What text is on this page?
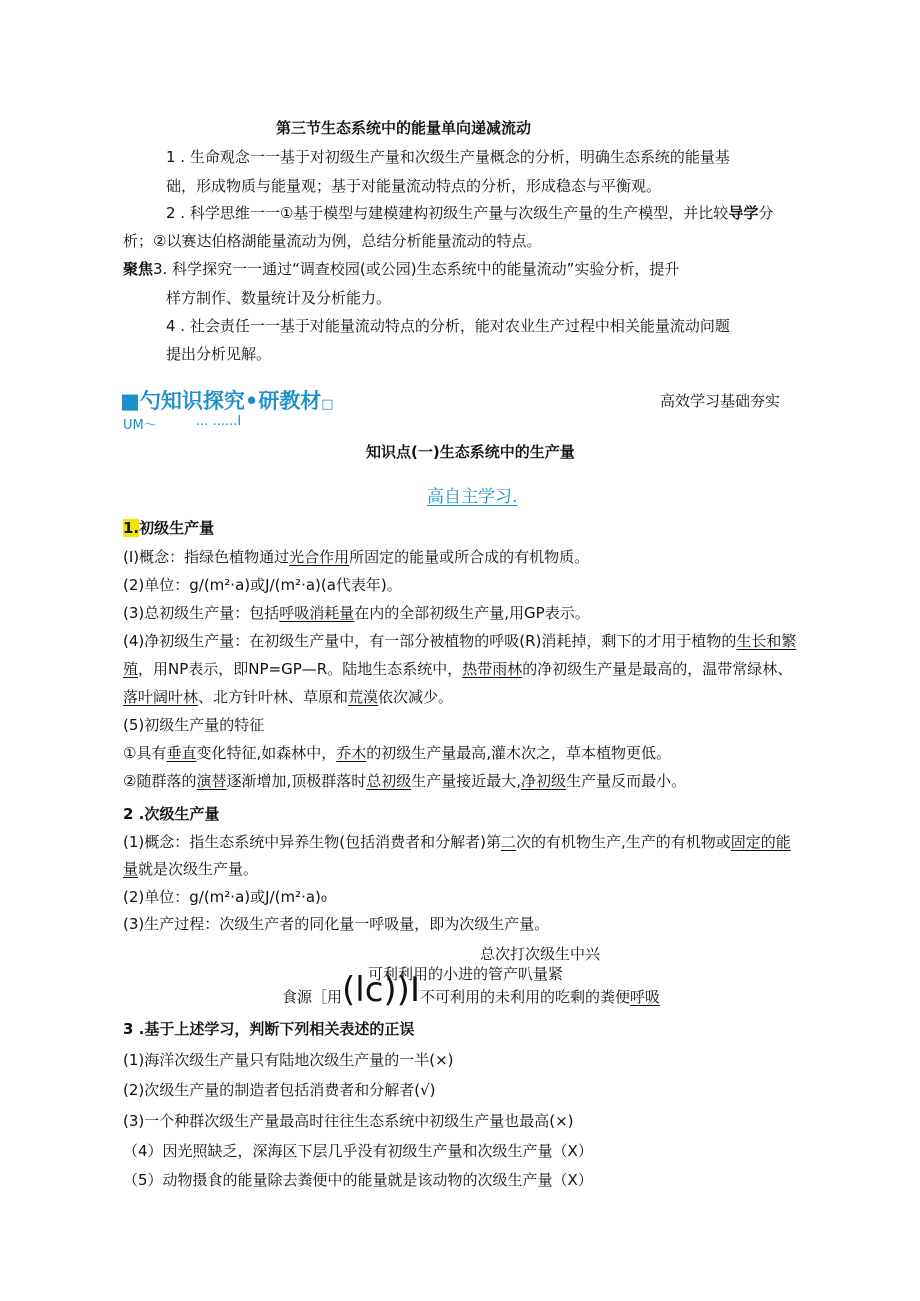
第三节生态系统中的能量单向递减流动
1 . 生命观念一一基于对初级生产量和次级生产量概念的分析，明确生态系统的能量基
础，形成物质与能量观；基于对能量流动特点的分析，形成稳态与平衡观。
2 . 科学思维一一①基于模型与建模建构初级生产量与次级生产量的生产模型，并比较导学分
析；②以赛达伯格湖能量流动为例，总结分析能量流动的特点。
聚焦3. 科学探究一一通过“调查校园(或公园)生态系统中的能量流动”实验分析，提升
样方制作、数量统计及分析能力。
4 . 社会责任一一基于对能量流动特点的分析，能对农业生产过程中相关能量流动问题
提出分析见解。
■勺知识探究•研教材□	高效学习基础夯实
UM～	... ......I
知识点(一)生态系统中的生产量
高自主学习.
1.初级生产量
(I)概念：指绿色植物通过光合作用所固定的能量或所合成的有机物质。
(2)单位：g/(m²·a)或J/(m²·a)(a代表年)。
(3)总初级生产量：包括呼吸消耗量在内的全部初级生产量,用GP表示。
(4)净初级生产量：在初级生产量中，有一部分被植物的呼吸(R)消耗掉，剩下的才用于植物的生长和繁
殖，用NP表示，即NP=GP—R。陆地生态系统中，热带雨林的净初级生产量是最高的，温带常绿林、
落叶阔叶林、北方针叶林、草原和荒漠依次减少。
(5)初级生产量的特征
①具有垂直变化特征,如森林中，乔木的初级生产量最高,灌木次之，草本植物更低。
②随群落的演替逐渐增加,顶极群落时总初级生产量接近最大,净初级生产量反而最小。
2 .次级生产量
(1)概念：指生态系统中异养生物(包括消费者和分解者)第二次的有机物生产,生产的有机物或固定的能
量就是次级生产量。
(2)单位：g/(m²·a)或J/(m²·a)₀
(3)生产过程：次级生产者的同化量一呼吸量，即为次级生产量。
总次打次级生中兴
可利利用的小进的管产叭量紧
食源［用(lc))I不可利用的未利用的吃剩的粪便呼吸
3 .基于上述学习，判断下列相关表述的正误
(1)海洋次级生产量只有陆地次级生产量的一半(×)
(2)次级生产量的制造者包括消费者和分解者(√)
(3)一个种群次级生产量最高时往往生态系统中初级生产量也最高(×)
（4）因光照缺乏，深海区下层几乎没有初级生产量和次级生产量（X）
（5）动物摄食的能量除去粪便中的能量就是该动物的次级生产量（X）
